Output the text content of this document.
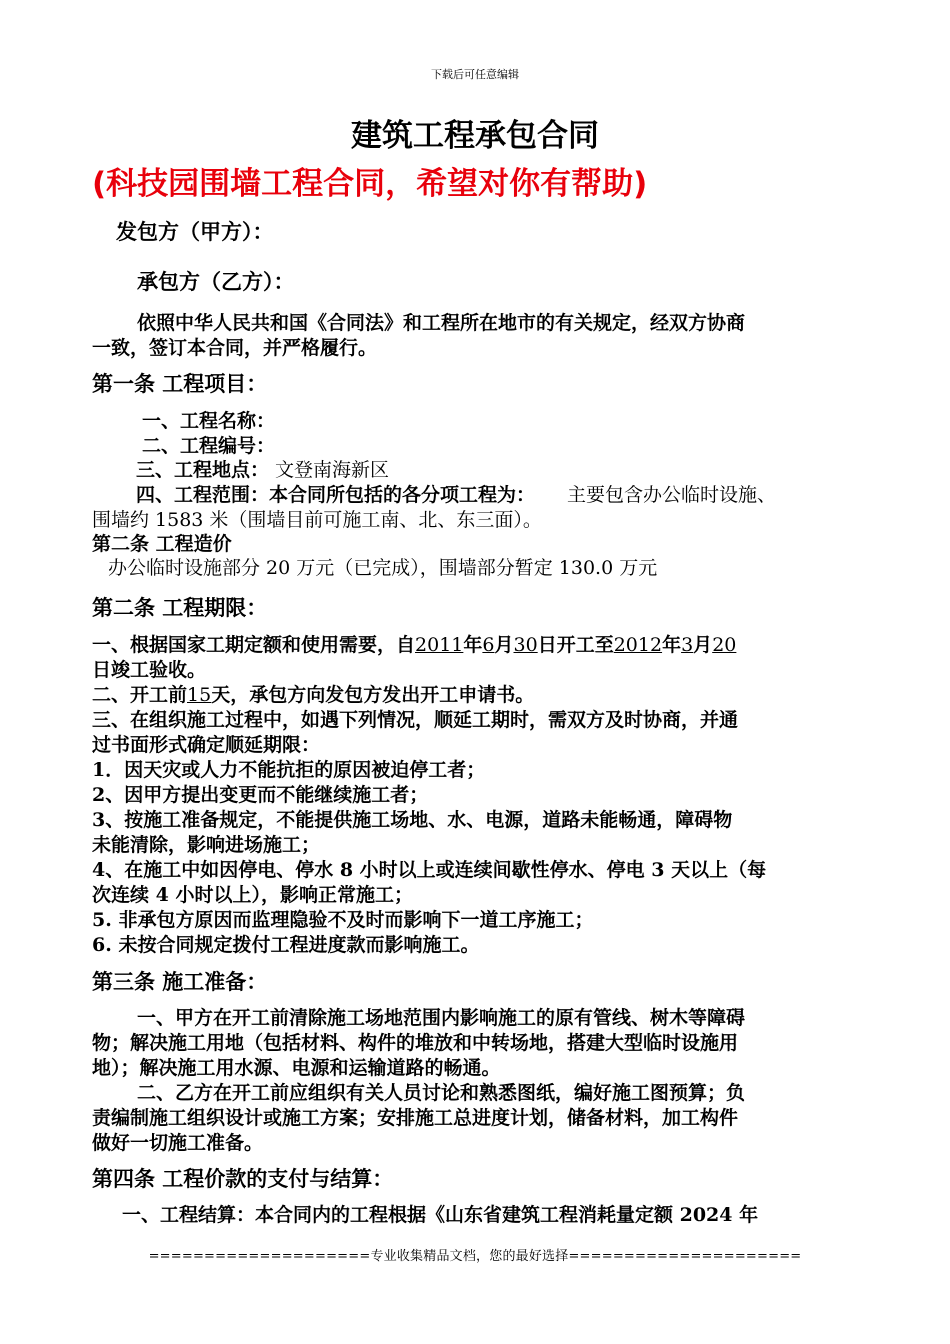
下载后可任意编辑
建筑工程承包合同
(科技园围墙工程合同，希望对你有帮助)
发包方（甲方）：
承包方（乙方）：
依照中华人民共和国《合同法》和工程所在地市的有关规定，经双方协商
一致，签订本合同，并严格履行。
第一条 工程项目：
一、工程名称：
二、工程编号：
三、工程地点： 文登南海新区
四、工程范围：本合同所包括的各分项工程为： 主要包含办公临时设施、
围墙约 1583 米（围墙目前可施工南、北、东三面）。
第二条 工程造价
办公临时设施部分 20 万元（已完成），围墙部分暂定 130.0 万元
第二条 工程期限：
一、根据国家工期定额和使用需要，自2011年6月30日开工至2012年3月20
日竣工验收。
二、开工前15天，承包方向发包方发出开工申请书。
三、在组织施工过程中，如遇下列情况，顺延工期时，需双方及时协商，并通
过书面形式确定顺延期限：
1．因天灾或人力不能抗拒的原因被迫停工者；
2、因甲方提出变更而不能继续施工者；
3、按施工准备规定，不能提供施工场地、水、电源，道路未能畅通，障碍物
未能清除，影响进场施工；
4、在施工中如因停电、停水 8 小时以上或连续间歇性停水、停电 3 天以上（每
次连续 4 小时以上），影响正常施工；
5. 非承包方原因而监理隐验不及时而影响下一道工序施工；
6. 未按合同规定拨付工程进度款而影响施工。
第三条 施工准备：
一、甲方在开工前清除施工场地范围内影响施工的原有管线、树木等障碍
物；解决施工用地（包括材料、构件的堆放和中转场地，搭建大型临时设施用
地）；解决施工用水源、电源和运输道路的畅通。
二、乙方在开工前应组织有关人员讨论和熟悉图纸，编好施工图预算；负
责编制施工组织设计或施工方案；安排施工总进度计划，储备材料，加工构件
做好一切施工准备。
第四条 工程价款的支付与结算：
一、工程结算：本合同内的工程根据《山东省建筑工程消耗量定额 2024 年
====================专业收集精品文档，您的最好选择=====================
